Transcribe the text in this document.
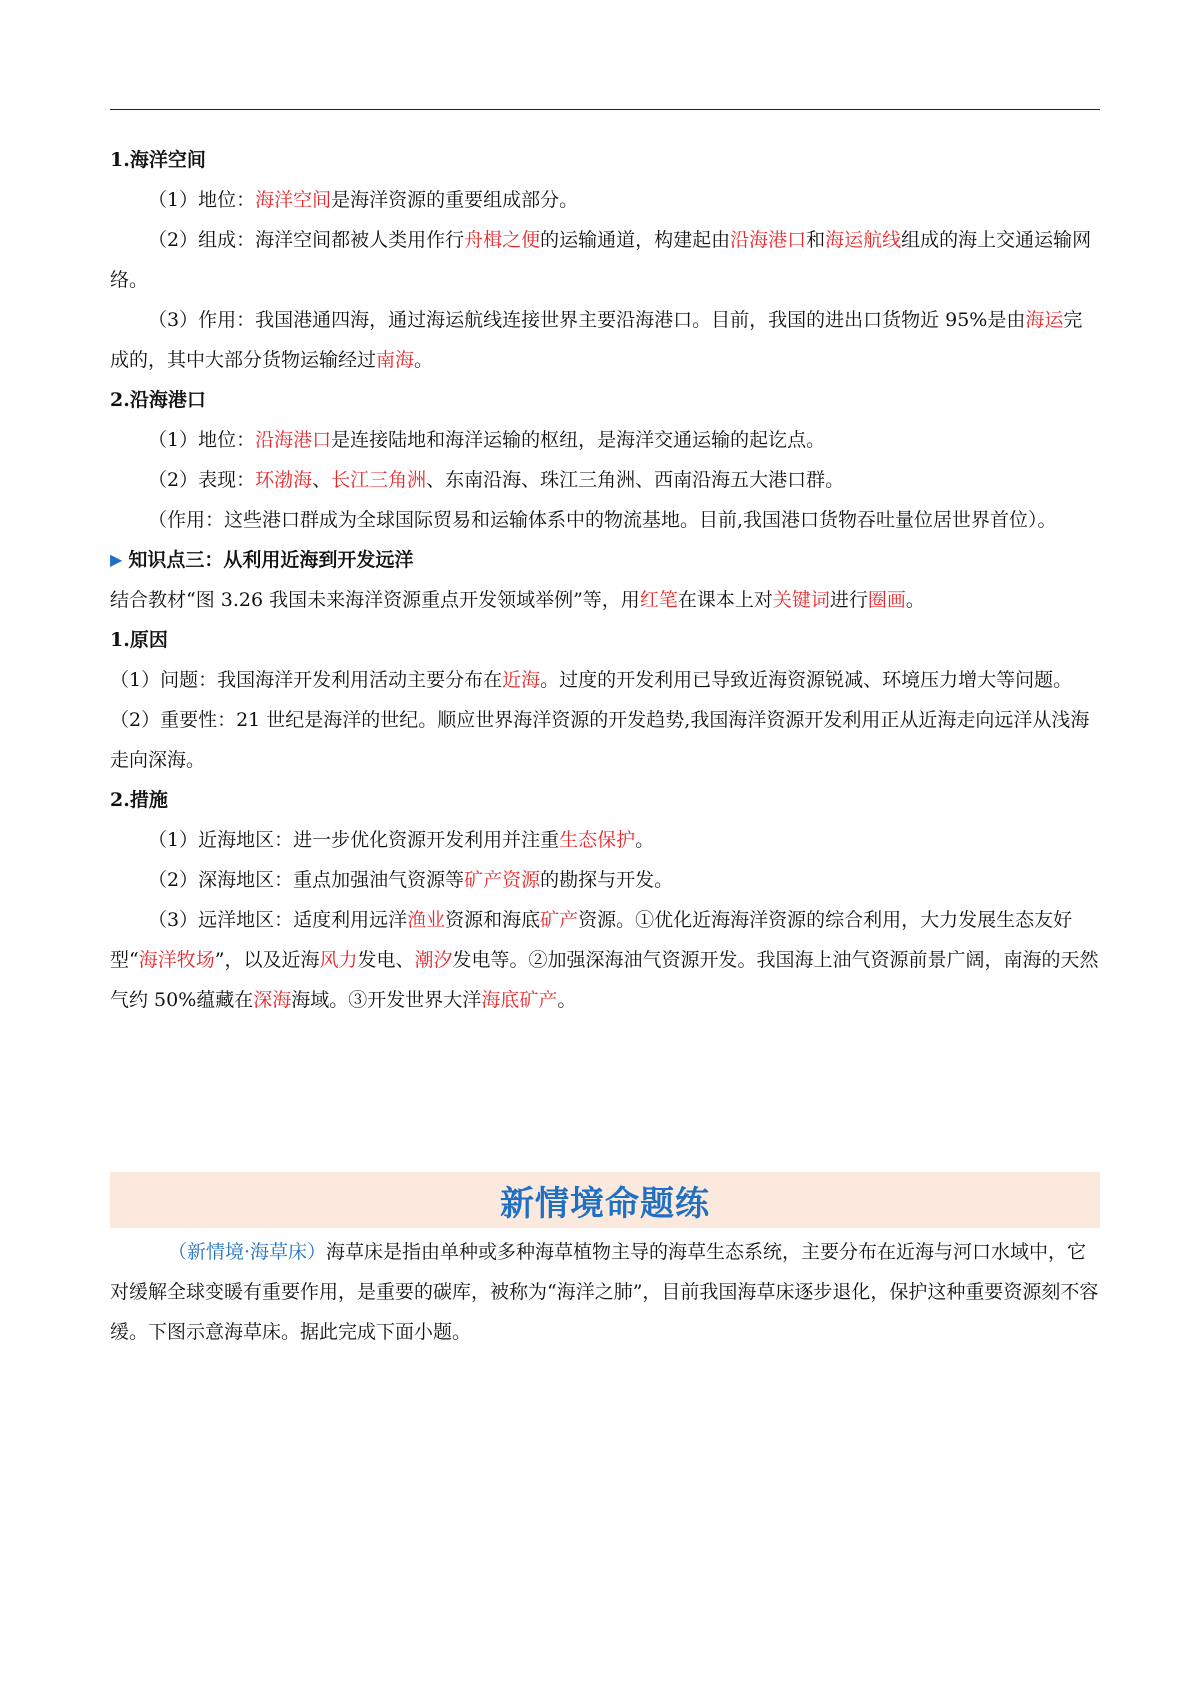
1.海洋空间

（1）地位：海洋空间是海洋资源的重要组成部分。

（2）组成：海洋空间都被人类用作行舟楫之便的运输通道，构建起由沿海港口和海运航线组成的海上交通运输网络。

（3）作用：我国港通四海，通过海运航线连接世界主要沿海港口。目前，我国的进出口货物近 95%是由海运完成的，其中大部分货物运输经过南海。

2.沿海港口

（1）地位：沿海港口是连接陆地和海洋运输的枢纽，是海洋交通运输的起讫点。

（2）表现：环渤海、长江三角洲、东南沿海、珠江三角洲、西南沿海五大港口群。

（作用：这些港口群成为全球国际贸易和运输体系中的物流基地。目前,我国港口货物吞吐量位居世界首位）。

▶ 知识点三：从利用近海到开发远洋

结合教材“图 3.26 我国未来海洋资源重点开发领域举例”等，用红笔在课本上对关键词进行圈画。

1.原因

（1）问题：我国海洋开发利用活动主要分布在近海。过度的开发利用已导致近海资源锐减、环境压力增大等问题。

（2）重要性：21 世纪是海洋的世纪。顺应世界海洋资源的开发趋势,我国海洋资源开发利用正从近海走向远洋从浅海走向深海。

2.措施

（1）近海地区：进一步优化资源开发利用并注重生态保护。

（2）深海地区：重点加强油气资源等矿产资源的勘探与开发。

（3）远洋地区：适度利用远洋渔业资源和海底矿产资源。①优化近海海洋资源的综合利用，大力发展生态友好型“海洋牧场”，以及近海风力发电、潮汐发电等。②加强深海油气资源开发。我国海上油气资源前景广阔，南海的天然气约 50%蕴藏在深海海域。③开发世界大洋海底矿产。

新情境命题练

（新情境·海草床）海草床是指由单种或多种海草植物主导的海草生态系统，主要分布在近海与河口水域中，它对缓解全球变暖有重要作用，是重要的碳库，被称为“海洋之肺”，目前我国海草床逐步退化，保护这种重要资源刻不容缓。下图示意海草床。据此完成下面小题。
